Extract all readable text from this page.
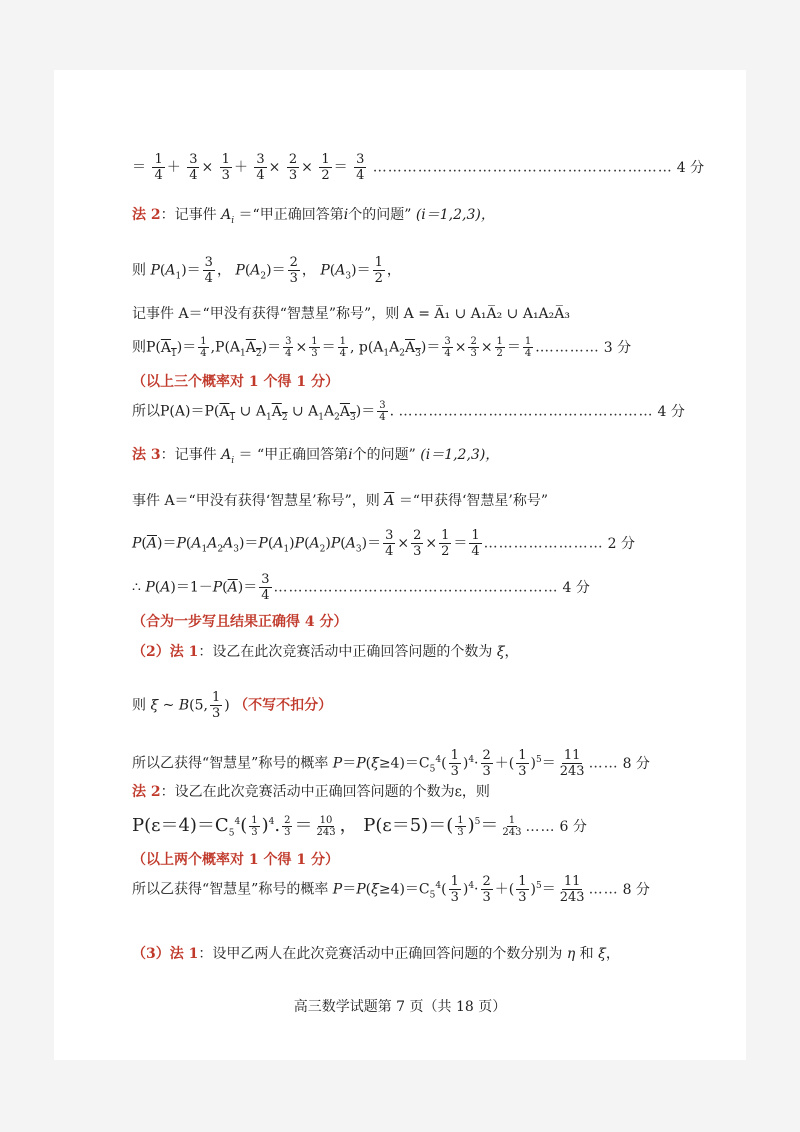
＝ $\frac{1}{4} + \frac{3}{4} \times \frac{1}{3} + \frac{3}{4} \times \frac{2}{3} \times \frac{1}{2} = \frac{3}{4}$ …………………………………………………… 4 分
法 2：记事件 $A_i$ ＝“甲正确回答第i个的问题” (i＝1,2,3)，
则 $P(A_1)= \frac{3}{4}$ ， $P(A_2)= \frac{2}{3}$ ， $P(A_3)= \frac{1}{2}$ ，
记事件 A＝“甲没有获得“智慧星”称号”，则 A = A̅₁ ∪ A₁A̅₂ ∪ A₁A₂A̅₃
则$P(A_1)= \frac{1}{4} ,P(A_1A_2)= \frac{3}{4} \times \frac{1}{3} = \frac{1}{4}$ , $p(A_1A_2A_3)= \frac{3}{4} \times \frac{2}{3} \times \frac{1}{2} = \frac{1}{4}$ .………… 3 分
（以上三个概率对 1 个得 1 分）
所以$P(A)=P(A_1$ ∪ $A_1A_2$ ∪ $A_1A_2A_3)= \frac{3}{4}$ . …………………………………………… 4 分
法 3：记事件 $A_i$ ＝ “甲正确回答第i个的问题” (i＝1,2,3)，
事件 A＝“甲没有获得‘智慧星’称号”，则 $\overline{A}$ ＝“甲获得‘智慧星’称号”
$P(\overline{A})=P(A_1A_2A_3)=P(A_1)P(A_2)P(A_3)= \frac{3}{4} \times \frac{2}{3} \times \frac{1}{2} = \frac{1}{4}$ …………………… 2 分
∴ $P(A)=1-P(\overline{A})= \frac{3}{4}$ ………………………………………………… 4 分
（合为一步写且结果正确得 4 分）
（2）法 1：设乙在此次竞赛活动中正确回答问题的个数为 ξ，
则 ξ ~ B(5, $\frac{1}{3}$ ) （不写不扣分）
所以乙获得“智慧星”称号的概率 $P=P(\xi\ge 4)=C_5^4( \frac{1}{3} )^4\cdot \frac{2}{3}$ ＋( $\frac{1}{3} )^5= \frac{11}{243}$ …… 8 分
法 2：设乙在此次竞赛活动中正确回答问题的个数为ε，则
$P(\varepsilon=4)=C_5^4( \frac{1}{3} )^4$. $\frac{2}{3} = \frac{10}{243}$ ， $P(\varepsilon=5)=( \frac{1}{3} )^5= \frac{1}{243}$ …… 6 分
（以上两个概率对 1 个得 1 分）
所以乙获得“智慧星”称号的概率 $P=P(\xi\ge 4)=C_5^4( \frac{1}{3} )^4\cdot \frac{2}{3}$ ＋( $\frac{1}{3} )^5= \frac{11}{243}$ …… 8 分
（3）法 1：设甲乙两人在此次竞赛活动中正确回答问题的个数分别为 η 和 ξ，
高三数学试题第 7 页（共 18 页）
